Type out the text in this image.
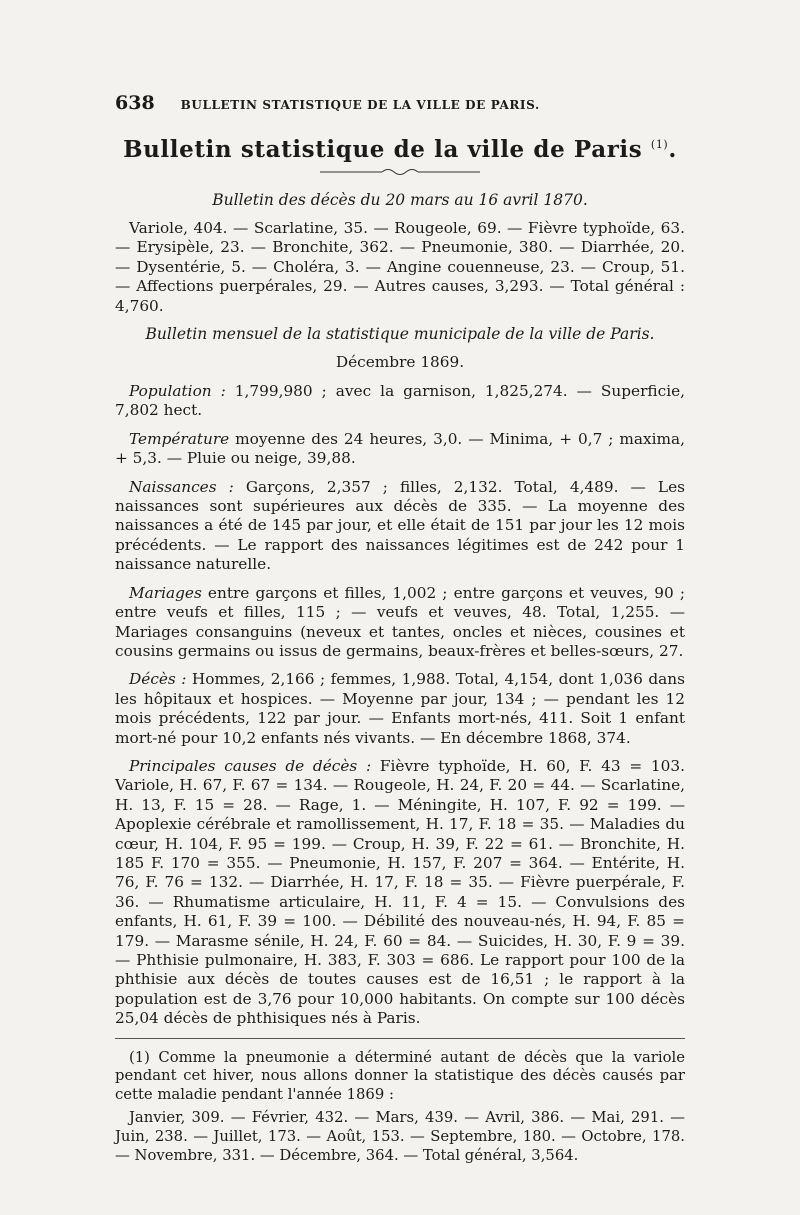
638 BULLETIN STATISTIQUE DE LA VILLE DE PARIS.
Bulletin statistique de la ville de Paris $^{(1)}$.

Bulletin des décès du 20 mars au 16 avril 1870.

Variole, 404. — Scarlatine, 35. — Rougeole, 69. — Fièvre typhoïde, 63. — Erysipèle, 23. — Bronchite, 362. — Pneumonie, 380. — Diarrhée, 20. — Dysentérie, 5. — Choléra, 3. — Angine couenneuse, 23. — Croup, 51. — Affections puerpérales, 29. — Autres causes, 3,293. — Total général : 4,760.

Bulletin mensuel de la statistique municipale de la ville de Paris.

Décembre 1869.

Population : 1,799,980 ; avec la garnison, 1,825,274. — Superficie, 7,802 hect.

Température moyenne des 24 heures, 3,0. — Minima, + 0,7 ; maxima, + 5,3. — Pluie ou neige, 39,88.

Naissances : Garçons, 2,357 ; filles, 2,132. Total, 4,489. — Les naissances sont supérieures aux décès de 335. — La moyenne des naissances a été de 145 par jour, et elle était de 151 par jour les 12 mois précédents. — Le rapport des naissances légitimes est de 242 pour 1 naissance naturelle.

Mariages entre garçons et filles, 1,002 ; entre garçons et veuves, 90 ; entre veufs et filles, 115 ; — veufs et veuves, 48. Total, 1,255. — Mariages consanguins (neveux et tantes, oncles et nièces, cousines et cousins germains ou issus de germains, beaux-frères et belles-sœurs, 27.

Décès : Hommes, 2,166 ; femmes, 1,988. Total, 4,154, dont 1,036 dans les hôpitaux et hospices. — Moyenne par jour, 134 ; — pendant les 12 mois précédents, 122 par jour. — Enfants mort-nés, 411. Soit 1 enfant mort-né pour 10,2 enfants nés vivants. — En décembre 1868, 374.

Principales causes de décès : Fièvre typhoïde, H. 60, F. 43 = 103. Variole, H. 67, F. 67 = 134. — Rougeole, H. 24, F. 20 = 44. — Scarlatine, H. 13, F. 15 = 28. — Rage, 1. — Méningite, H. 107, F. 92 = 199. — Apoplexie cérébrale et ramollissement, H. 17, F. 18 = 35. — Maladies du cœur, H. 104, F. 95 = 199. — Croup, H. 39, F. 22 = 61. — Bronchite, H. 185 F. 170 = 355. — Pneumonie, H. 157, F. 207 = 364. — Entérite, H. 76, F. 76 = 132. — Diarrhée, H. 17, F. 18 = 35. — Fièvre puerpérale, F. 36. — Rhumatisme articulaire, H. 11, F. 4 = 15. — Convulsions des enfants, H. 61, F. 39 = 100. — Débilité des nouveau-nés, H. 94, F. 85 = 179. — Marasme sénile, H. 24, F. 60 = 84. — Suicides, H. 30, F. 9 = 39. — Phthisie pulmonaire, H. 383, F. 303 = 686. Le rapport pour 100 de la phthisie aux décès de toutes causes est de 16,51 ; le rapport à la population est de 3,76 pour 10,000 habitants. On compte sur 100 décès 25,04 décès de phthisiques nés à Paris.

(1) Comme la pneumonie a déterminé autant de décès que la variole pendant cet hiver, nous allons donner la statistique des décès causés par cette maladie pendant l'année 1869 :

Janvier, 309. — Février, 432. — Mars, 439. — Avril, 386. — Mai, 291. — Juin, 238. — Juillet, 173. — Août, 153. — Septembre, 180. — Octobre, 178. — Novembre, 331. — Décembre, 364. — Total général, 3,564.
